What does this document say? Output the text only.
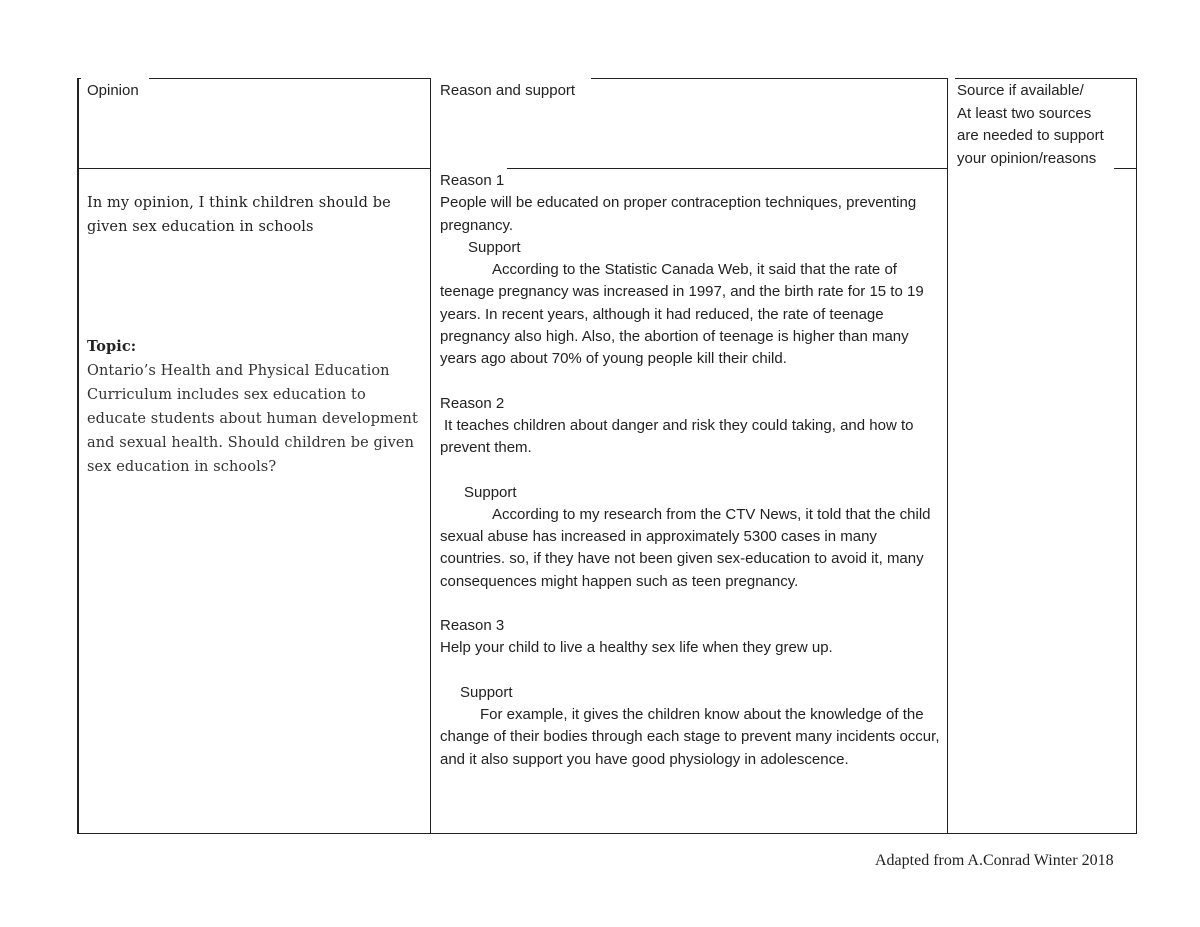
Opinion	Reason and support	Source if available/
At least two sources
are needed to support
your opinion/reasons
In my opinion, I think children should be given sex education in schools
Topic:
Ontario’s Health and Physical Education Curriculum includes sex education to educate students about human development and sexual health. Should children be given sex education in schools?

Reason 1

People will be educated on proper contraception techniques, preventing pregnancy.

Support

According to the Statistic Canada Web, it said that the rate of teenage pregnancy was increased in 1997, and the birth rate for 15 to 19 years. In recent years, although it had reduced, the rate of teenage pregnancy also high. Also, the abortion of teenage is higher than many years ago about 70% of young people kill their child.

Reason 2

It teaches children about danger and risk they could taking, and how to prevent them.

Support

According to my research from the CTV News, it told that the child sexual abuse has increased in approximately 5300 cases in many countries. so, if they have not been given sex-education to avoid it, many consequences might happen such as teen pregnancy.

Reason 3

Help your child to live a healthy sex life when they grew up.

Support

For example, it gives the children know about the knowledge of the change of their bodies through each stage to prevent many incidents occur, and it also support you have good physiology in adolescence.

Adapted from A.Conrad Winter 2018
